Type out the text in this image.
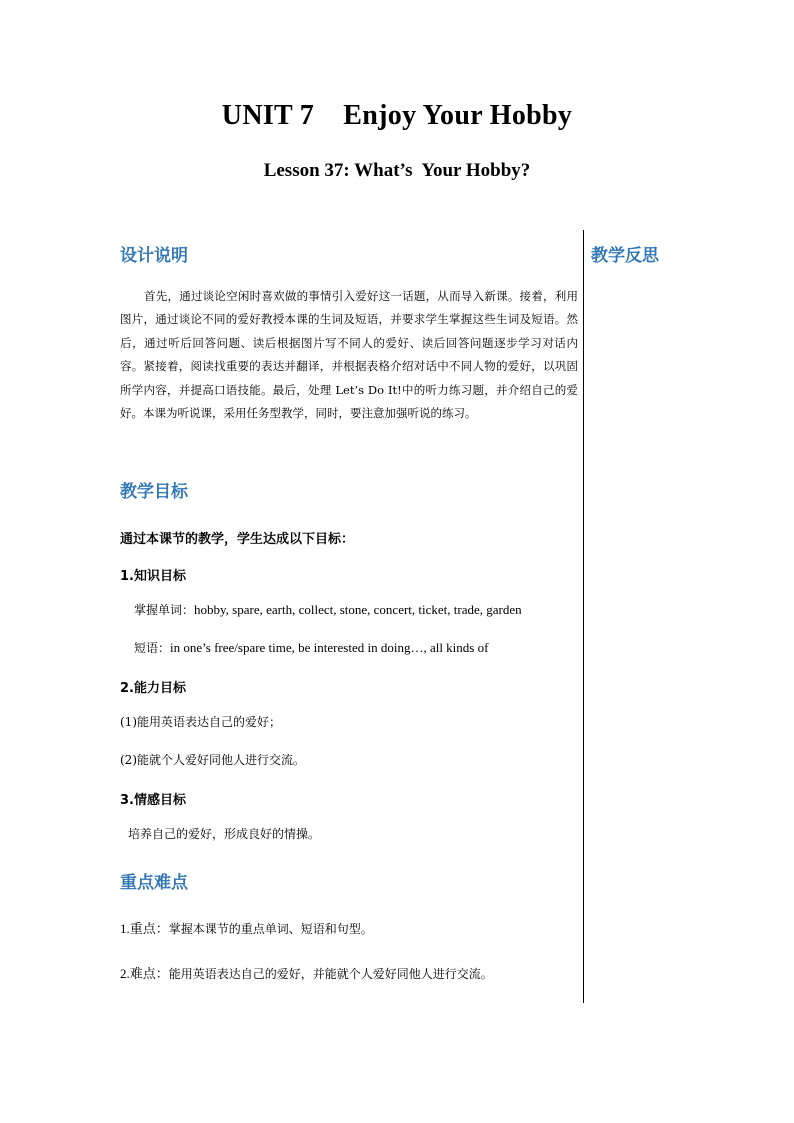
UNIT 7    Enjoy Your Hobby
Lesson 37: What’s  Your Hobby?
设计说明	教学反思
首先，通过谈论空闲时喜欢做的事情引入爱好这一话题，从而导入新课。接着，利用图片，通过谈论不同的爱好教授本课的生词及短语，并要求学生掌握这些生词及短语。然后，通过听后回答问题、读后根据图片写不同人的爱好、读后回答问题逐步学习对话内容。紧接着，阅读找重要的表达并翻译，并根据表格介绍对话中不同人物的爱好，以巩固所学内容，并提高口语技能。最后，处理 Let’s Do It!中的听力练习题，并介绍自己的爱好。本课为听说课，采用任务型教学，同时，要注意加强听说的练习。
教学目标
通过本课节的教学，学生达成以下目标：
1.知识目标
掌握单词：hobby, spare, earth, collect, stone, concert, ticket, trade, garden
短语：in one’s free/spare time, be interested in doing…, all kinds of
2.能力目标
(1)能用英语表达自己的爱好；
(2)能就个人爱好同他人进行交流。
3.情感目标
培养自己的爱好，形成良好的情操。
重点难点
1.重点：掌握本课节的重点单词、短语和句型。
2.难点：能用英语表达自己的爱好，并能就个人爱好同他人进行交流。
